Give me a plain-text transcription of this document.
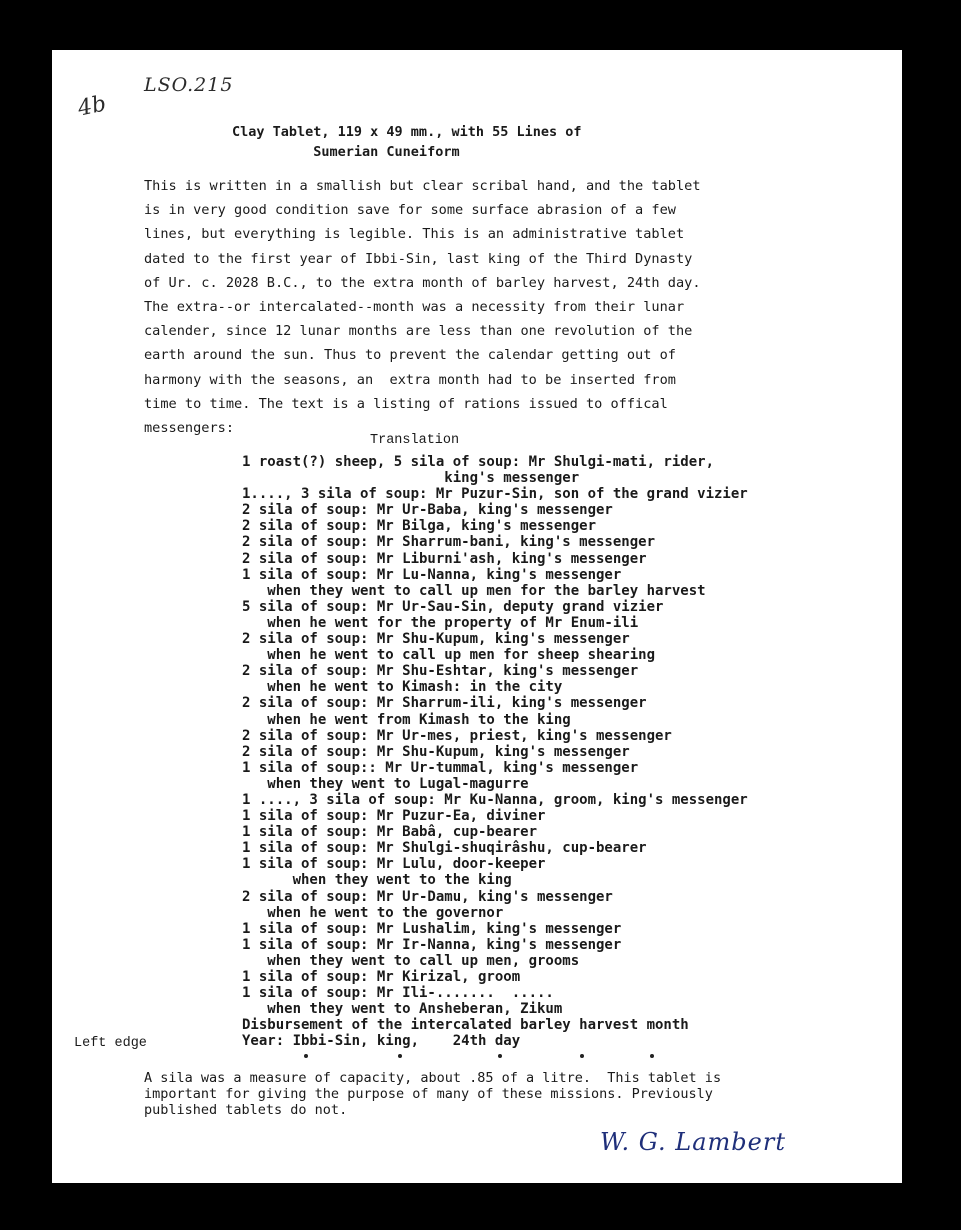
LSO.215
4b
Clay Tablet, 119 x 49 mm., with 55 Lines of
Sumerian Cuneiform
This is written in a smallish but clear scribal hand, and the tablet
is in very good condition save for some surface abrasion of a few
lines, but everything is legible. This is an administrative tablet
dated to the first year of Ibbi-Sin, last king of the Third Dynasty
of Ur. c. 2028 B.C., to the extra month of barley harvest, 24th day.
The extra--or intercalated--month was a necessity from their lunar
calender, since 12 lunar months are less than one revolution of the
earth around the sun. Thus to prevent the calendar getting out of
harmony with the seasons, an  extra month had to be inserted from
time to time. The text is a listing of rations issued to offical
messengers:
Translation
1 roast(?) sheep, 5 sila of soup: Mr Shulgi-mati, rider,
king's messenger
1...., 3 sila of soup: Mr Puzur-Sin, son of the grand vizier
2 sila of soup: Mr Ur-Baba, king's messenger
2 sila of soup: Mr Bilga, king's messenger
2 sila of soup: Mr Sharrum-bani, king's messenger
2 sila of soup: Mr Liburni'ash, king's messenger
1 sila of soup: Mr Lu-Nanna, king's messenger
when they went to call up men for the barley harvest
5 sila of soup: Mr Ur-Sau-Sin, deputy grand vizier
when he went for the property of Mr Enum-ili
2 sila of soup: Mr Shu-Kupum, king's messenger
when he went to call up men for sheep shearing
2 sila of soup: Mr Shu-Eshtar, king's messenger
when he went to Kimash: in the city
2 sila of soup: Mr Sharrum-ili, king's messenger
when he went from Kimash to the king
2 sila of soup: Mr Ur-mes, priest, king's messenger
2 sila of soup: Mr Shu-Kupum, king's messenger
1 sila of soup:: Mr Ur-tummal, king's messenger
when they went to Lugal-magurre
1 ...., 3 sila of soup: Mr Ku-Nanna, groom, king's messenger
1 sila of soup: Mr Puzur-Ea, diviner
1 sila of soup: Mr Babâ, cup-bearer
1 sila of soup: Mr Shulgi-shuqirâshu, cup-bearer
1 sila of soup: Mr Lulu, door-keeper
when they went to the king
2 sila of soup: Mr Ur-Damu, king's messenger
when he went to the governor
1 sila of soup: Mr Lushalim, king's messenger
1 sila of soup: Mr Ir-Nanna, king's messenger
when they went to call up men, grooms
1 sila of soup: Mr Kirizal, groom
1 sila of soup: Mr Ili-.......  .....
when they went to Ansheberan, Zikum
Disbursement of the intercalated barley harvest month
Year: Ibbi-Sin, king,    24th day
Left edge
A sila was a measure of capacity, about .85 of a litre.  This tablet is
important for giving the purpose of many of these missions. Previously
published tablets do not.
W. G. Lambert
